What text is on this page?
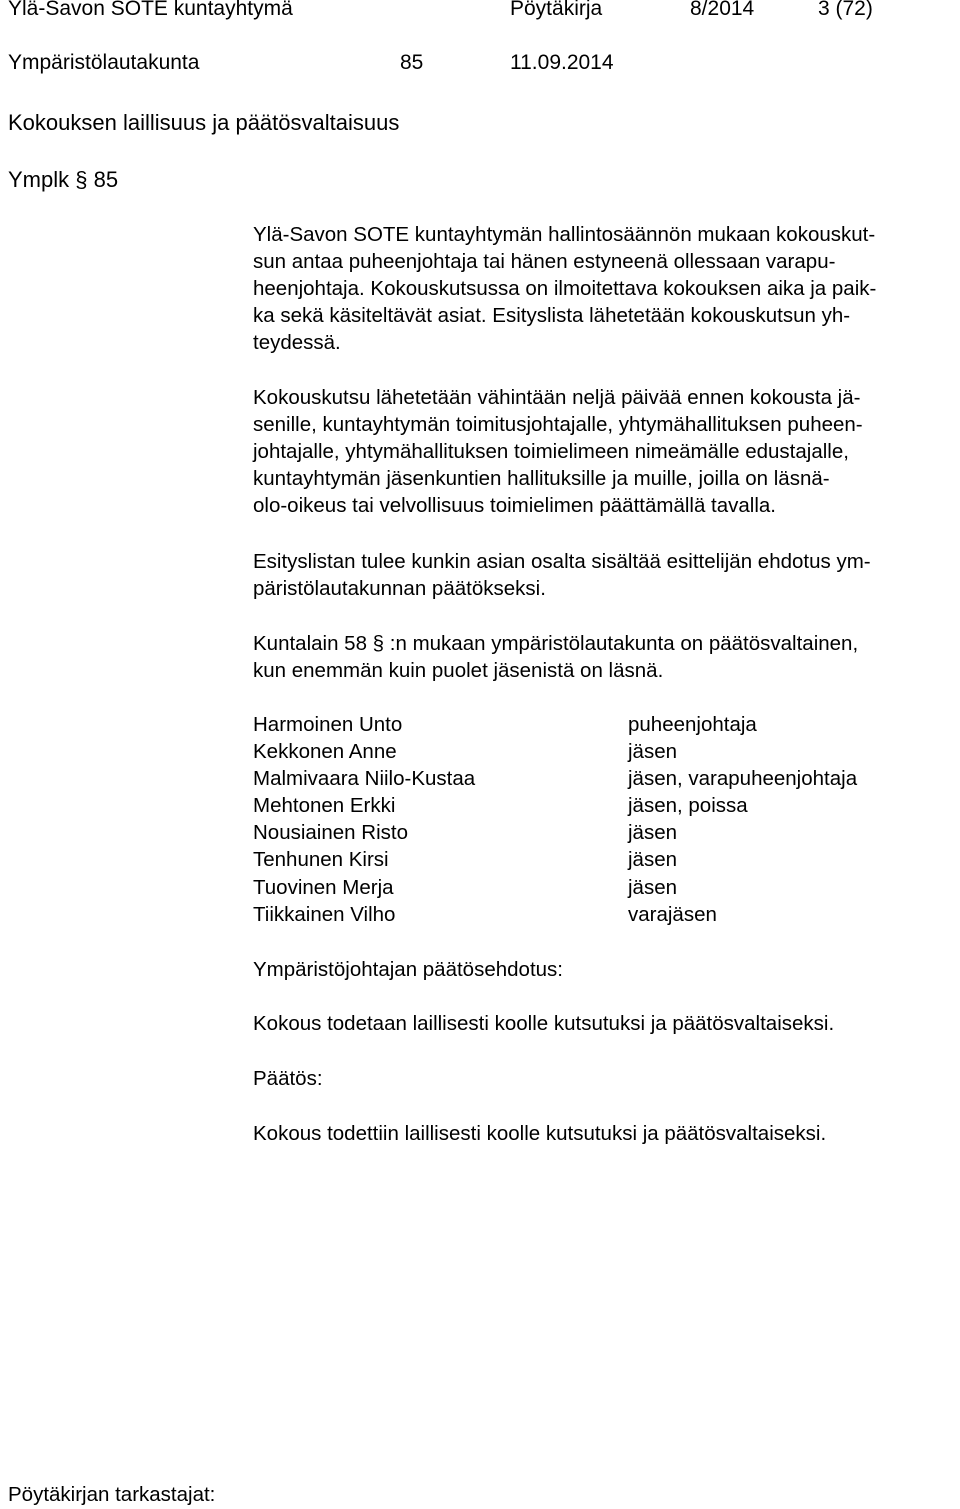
Ylä-Savon SOTE kuntayhtymä	Pöytäkirja	8/2014	3 (72)
Ympäristölautakunta	85	11.09.2014
Kokouksen laillisuus ja päätösvaltaisuus
Ymplk § 85
Ylä-Savon SOTE kuntayhtymän hallintosäännön mukaan kokouskut-
sun antaa puheenjohtaja tai hänen estyneenä ollessaan varapu-
heenjohtaja. Kokouskutsussa on ilmoitettava kokouksen aika ja paik-
ka sekä käsiteltävät asiat. Esityslista lähetetään kokouskutsun yh-
teydessä.
Kokouskutsu lähetetään vähintään neljä päivää ennen kokousta jä-
senille, kuntayhtymän toimitusjohtajalle, yhtymähallituksen puheen-
johtajalle, yhtymähallituksen toimielimeen nimeämälle edustajalle,
kuntayhtymän jäsenkuntien hallituksille ja muille, joilla on läsnä-
olo-oikeus tai velvollisuus toimielimen päättämällä tavalla.
Esityslistan tulee kunkin asian osalta sisältää esittelijän ehdotus ym-
päristölautakunnan päätökseksi.
Kuntalain 58 § :n mukaan ympäristölautakunta on päätösvaltainen,
kun enemmän kuin puolet jäsenistä on läsnä.
Harmoinen Unto	puheenjohtaja
Kekkonen Anne	jäsen
Malmivaara Niilo-Kustaa	jäsen, varapuheenjohtaja
Mehtonen Erkki	jäsen, poissa
Nousiainen Risto	jäsen
Tenhunen Kirsi	jäsen
Tuovinen Merja	jäsen
Tiikkainen Vilho	varajäsen
Ympäristöjohtajan päätösehdotus:
Kokous todetaan laillisesti koolle kutsutuksi ja päätösvaltaiseksi.
Päätös:
Kokous todettiin laillisesti koolle kutsutuksi ja päätösvaltaiseksi.
Pöytäkirjan tarkastajat:
